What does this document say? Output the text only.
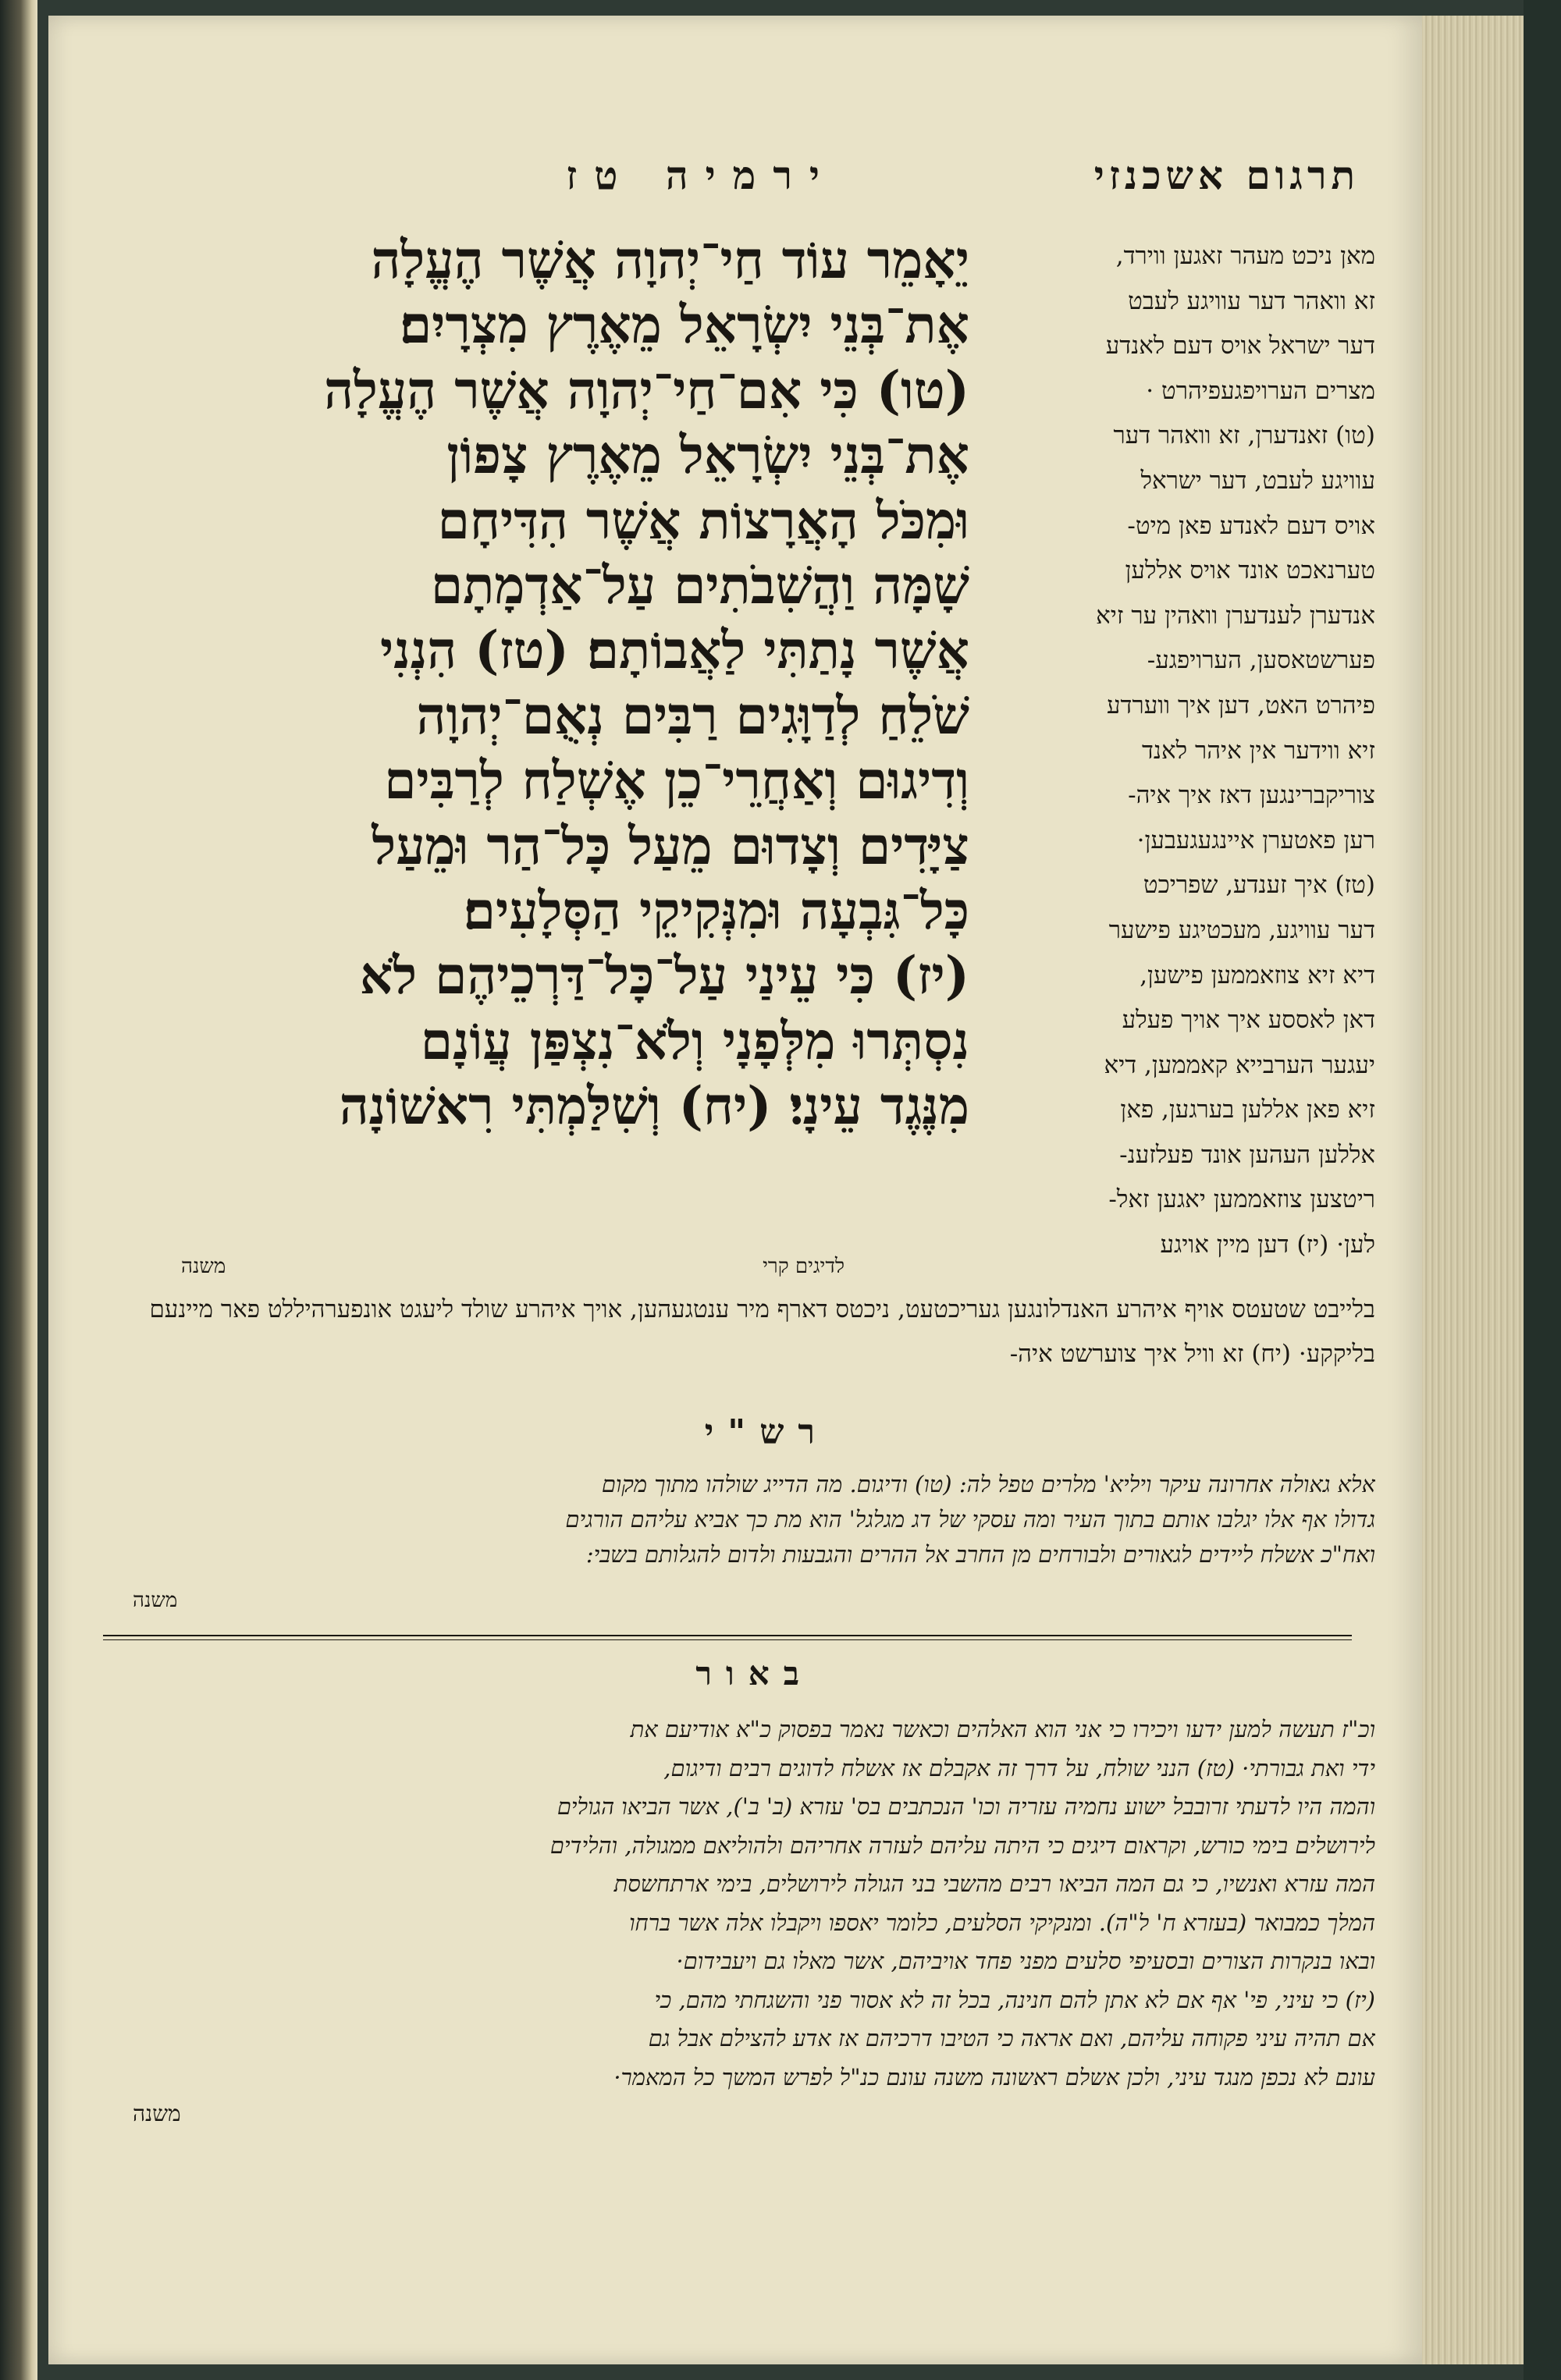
תרגום אשכנזי
ירמיה טז
מאן ניכט מעהר זאגען ווירד,
זא וואהר דער עוויגע לעבט
דער ישראל אויס דעם לאנדע
מצרים הערויפגעפיהרט ·
(טו) זאנדערן, זא וואהר דער
עוויגע לעבט, דער ישראל
אויס דעם לאנדע פאן מיט-
טערנאכט אונד אויס אללען
אנדערן לענדערן וואהין ער זיא
פערשטאסען, הערויפגע-
פיהרט האט, דען איך ווערדע
זיא ווידער אין איהר לאנד
צוריקברינגען דאז איך איה-
רען פאטערן איינגעגעבען·
(טז) איך זענדע, שפריכט
דער עוויגע, מעכטיגע פישער
דיא זיא צוזאממען פישען,
דאן לאססע איך אויך פעלע
יעגער הערבייא קאממען, דיא
זיא פאן אללען בערגען, פאן
אללען העהען אונד פעלזענ-
ריטצען צוזאממען יאגען זאל-
לען· (יז) דען מיין אויגע
יֵאָמֵר עוֹד חַי־יְהוָה אֲשֶׁר הֶעֱלָה
אֶת־בְּנֵי יִשְׂרָאֵל מֵאֶרֶץ מִצְרָיִם׃
(טו) כִּי אִם־חַי־יְהוָה אֲשֶׁר הֶעֱלָה
אֶת־בְּנֵי יִשְׂרָאֵל מֵאֶרֶץ צָפוֹן
וּמִכֹּל הָאֲרָצוֹת אֲשֶׁר הִדִּיחָם
שָׁמָּה וַהֲשִׁבֹתִים עַל־אַדְמָתָם
אֲשֶׁר נָתַתִּי לַאֲבוֹתָם׃ (טז) הִנְנִי
שֹׁלֵחַ לְדַוָּגִים רַבִּים נְאֻם־יְהוָה
וְדִיגוּם וְאַחֲרֵי־כֵן אֶשְׁלַח לְרַבִּים
צַיָּדִים וְצָדוּם מֵעַל כָּל־הַר וּמֵעַל
כָּל־גִּבְעָה וּמִנְּקִיקֵי הַסְּלָעִים׃
(יז) כִּי עֵינַי עַל־כָּל־דַּרְכֵיהֶם לֹא
נִסְתְּרוּ מִלְּפָנָי וְלֹא־נִצְפַּן עֲוֹנָם
מִנֶּגֶד עֵינָי׃ (יח) וְשִׁלַּמְתִּי רִאשׁוֹנָה
לדיגים קרי
משנה
בלייבט שטעטס אויף איהרע האנדלונגען געריכטעט, ניכטס דארף מיר ענטגעהען, אויך איהרע שולד ליעגט אונפערהיללט פאר מיינעם בליקקע· (יח) זא וויל איך צוערשט איה-
רש"י
אלא גאולה אחרונה עיקר ויליא' מלרים טפל לה: (טו) ודיגום. מה הדייג שולהו מתוך מקום
גדולו אף אלו יגלבו אותם בתוך העיר ומה עסקי של דג מגלגל' הוא מת כך אביא עליהם הורגים
ואח"כ אשלח ליידים לגאורים ולבורחים מן החרב אל ההרים והגבעות ולדום להגלותם בשבי:
משנה
באור
וכ"ז תעשה למען ידעו ויכירו כי אני הוא האלהים וכאשר נאמר בפסוק כ"א אודיעם את
ידי ואת גבורתי· (טז) הנני שולח, על דרך זה אקבלם אז אשלח לדוגים רבים ודיגום,
והמה היו לדעתי זרובבל ישוע נחמיה עזריה וכו' הנכתבים בס' עזרא (ב' ב'), אשר הביאו הגולים
לירושלים בימי כורש, וקראום דיגים כי היתה עליהם לעזרה אחריהם ולהוליאם ממגולה, והלידים
המה עזרא ואנשיו, כי גם המה הביאו רבים מהשבי בני הגולה לירושלים, בימי ארתחשסת
המלך כמבואר (בעזרא ח' ל"ה). ומנקיקי הסלעים, כלומר יאספו ויקבלו אלה אשר ברחו
ובאו בנקרות הצורים ובסעיפי סלעים מפני פחד אויביהם, אשר מאלו גם ויעבידום·
(יז) כי עיני, פי' אף אם לא אתן להם חנינה, בכל זה לא אסור פני והשגחתי מהם, כי
אם תהיה עיני פקוחה עליהם, ואם אראה כי הטיבו דרכיהם אז אדע להצילם אבל גם
עונם לא נכפן מנגד עיני, ולכן אשלם ראשונה משנה עונם כנ"ל לפרש המשך כל המאמר·
משנה
